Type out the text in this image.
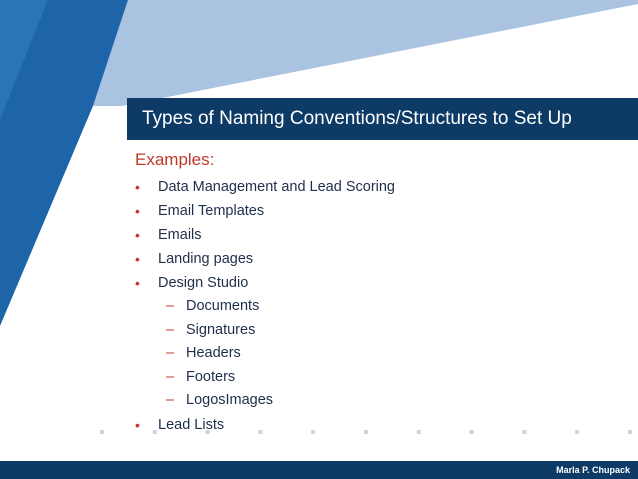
Types of Naming Conventions/Structures to Set Up
Examples:
• Data Management and Lead Scoring
• Email Templates
• Emails
• Landing pages
• Design Studio
– Documents
– Signatures
– Headers
– Footers
– LogosImages
• Lead Lists
Marla P. Chupack
